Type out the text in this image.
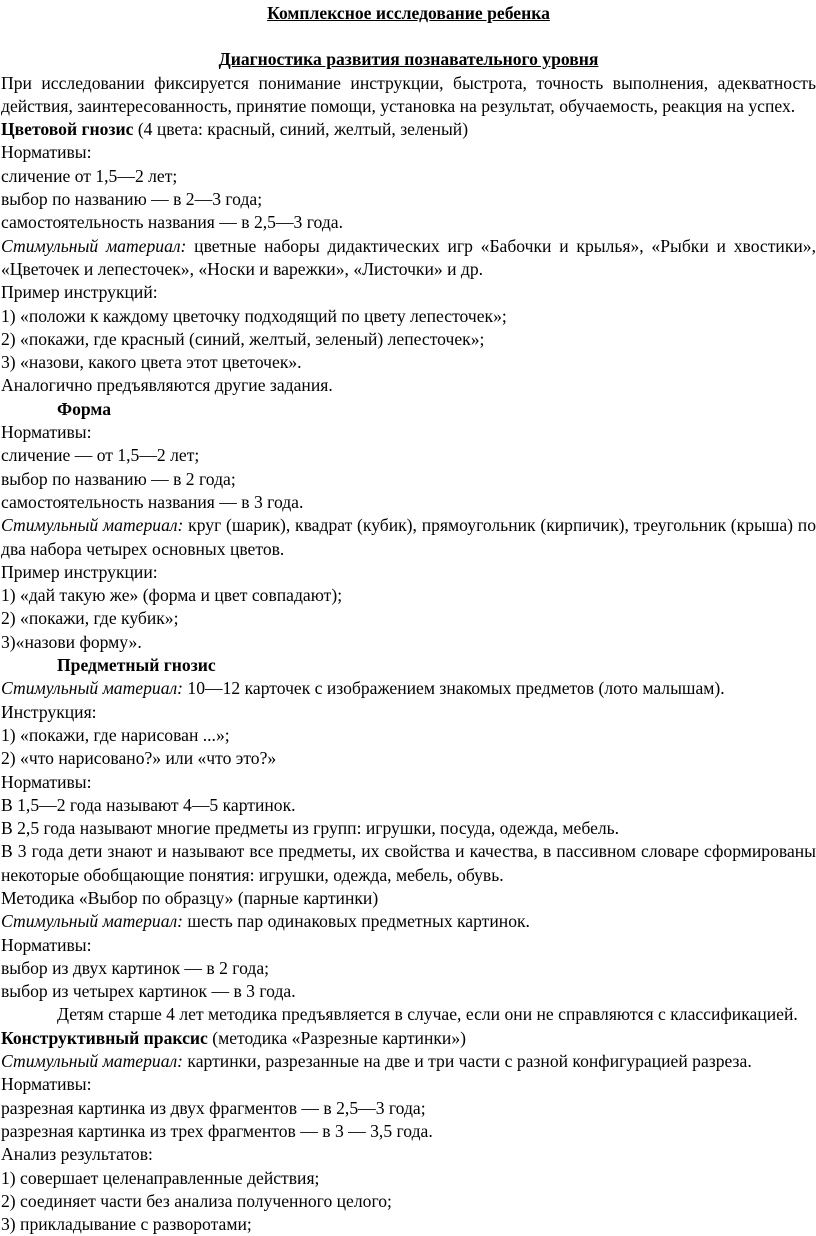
Комплексное исследование ребенка

Диагностика развития познавательного уровня

При исследовании фиксируется понимание инструкции, быстрота, точность выполнения, адекватность действия, заинтересованность, принятие помощи, установка на результат, обучаемость, реакция на успех.

Цветовой гнозис (4 цвета: красный, синий, желтый, зеленый)

Нормативы:

сличение от 1,5—2 лет;

выбор по названию — в 2—3 года;

самостоятельность названия — в 2,5—3 года.

Стимульный материал: цветные наборы дидактических игр «Бабочки и крылья», «Рыбки и хвостики», «Цветочек и лепесточек», «Носки и варежки», «Листочки» и др.

Пример инструкций:

1) «положи к каждому цветочку подходящий по цвету лепесточек»;

2) «покажи, где красный (синий, желтый, зеленый) лепесточек»;

3) «назови, какого цвета этот цветочек».

Аналогично предъявляются другие задания.

Форма

Нормативы:

сличение — от 1,5—2 лет;

выбор по названию — в 2 года;

самостоятельность названия — в 3 года.

Стимульный материал: круг (шарик), квадрат (кубик), прямоугольник (кирпичик), треугольник (крыша) по два набора четырех основных цветов.

Пример инструкции:

1) «дай такую же» (форма и цвет совпадают);

2) «покажи, где кубик»;

3)«назови форму».

Предметный гнозис

Стимульный материал: 10—12 карточек с изображением знакомых предметов (лото малышам).

Инструкция:

1) «покажи, где нарисован ...»;

2) «что нарисовано?» или «что это?»

Нормативы:

В 1,5—2 года называют 4—5 картинок.

В 2,5 года называют многие предметы из групп: игрушки, посуда, одежда, мебель.

В 3 года дети знают и называют все предметы, их свойства и качества, в пассивном словаре сформированы некоторые обобщающие понятия: игрушки, одежда, мебель, обувь.

Методика «Выбор по образцу» (парные картинки)

Стимульный материал: шесть пар одинаковых предметных картинок.

Нормативы:

выбор из двух картинок — в 2 года;

выбор из четырех картинок — в 3 года.

Детям старше 4 лет методика предъявляется в случае, если они не справляются с классификацией.

Конструктивный праксис (методика «Разрезные картинки»)

Стимульный материал: картинки, разрезанные на две и три части с разной конфигурацией разреза.

Нормативы:

разрезная картинка из двух фрагментов — в 2,5—3 года;

разрезная картинка из трех фрагментов — в 3 — 3,5 года.

Анализ результатов:

1) совершает целенаправленные действия;

2) соединяет части без анализа полученного целого;

3) прикладывание с разворотами;
